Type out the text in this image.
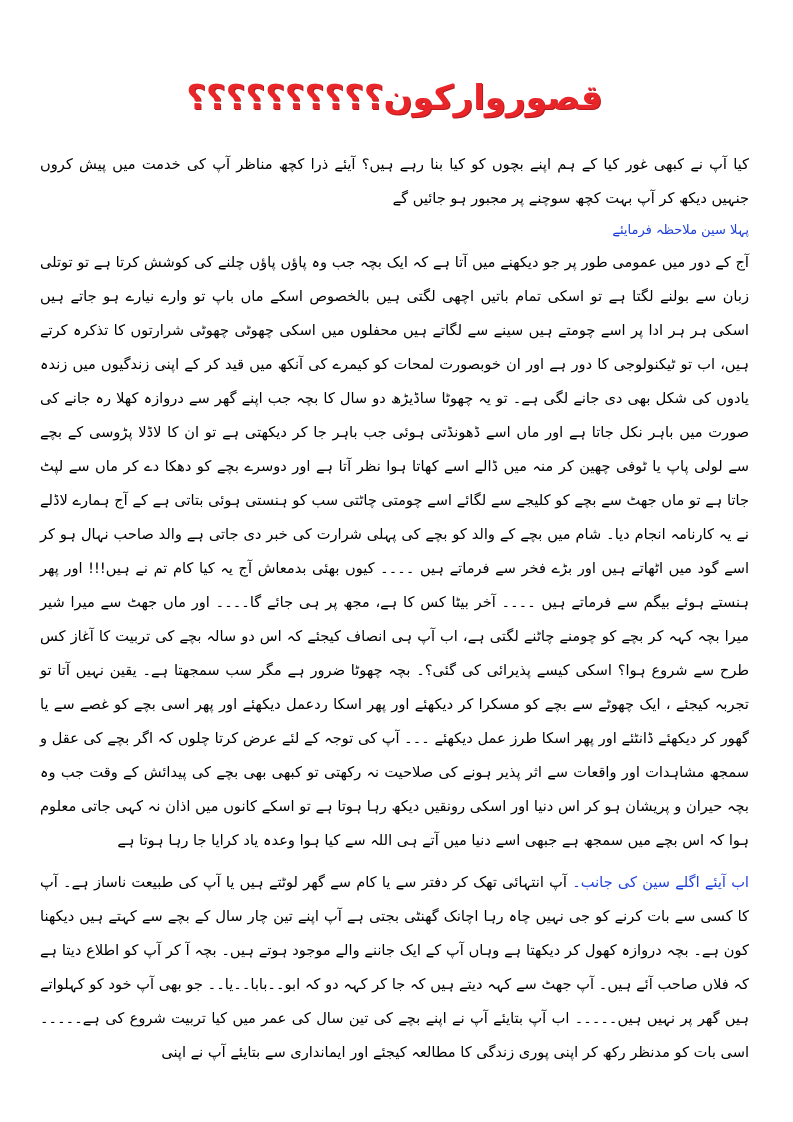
قصوروارکون؟؟؟؟؟؟؟؟؟؟

کیا آپ نے کبھی غور کیا کے ہم اپنے بچوں کو کیا بنا رہے ہیں؟ آیئے ذرا کچھ مناظر آپ کی خدمت میں پیش کروں جنہیں دیکھ کر آپ بہت کچھ سوچنے پر مجبور ہو جائیں گے

پہلا سین ملاحظہ فرمایئے

آج کے دور میں عمومی طور پر جو دیکھنے میں آتا ہے کہ ایک بچہ جب وہ پاؤں پاؤں چلنے کی کوشش کرتا ہے تو توتلی زبان سے بولنے لگتا ہے تو اسکی تمام باتیں اچھی لگتی ہیں بالخصوص اسکے ماں باپ تو وارے نیارے ہو جاتے ہیں اسکی ہر ہر ادا پر اسے چومتے ہیں سینے سے لگاتے ہیں محفلوں میں اسکی چھوٹی چھوٹی شرارتوں کا تذکرہ کرتے ہیں، اب تو ٹیکنولوجی کا دور ہے اور ان خوبصورت لمحات کو کیمرے کی آنکھ میں قید کر کے اپنی زندگیوں میں زندہ یادوں کی شکل بھی دی جانے لگی ہے۔ تو یہ چھوٹا ساڈیڑھ دو سال کا بچہ جب اپنے گھر سے دروازہ کھلا رہ جانے کی صورت میں باہر نکل جاتا ہے اور ماں اسے ڈھونڈتی ہوئی جب باہر جا کر دیکھتی ہے تو ان کا لاڈلا پڑوسی کے بچے سے لولی پاپ یا ٹوفی چھین کر منہ میں ڈالے اسے کھاتا ہوا نظر آتا ہے اور دوسرے بچے کو دھکا دے کر ماں سے لپٹ جاتا ہے تو ماں جھٹ سے بچے کو کلیجے سے لگائے اسے چومتی چاٹتی سب کو ہنستی ہوئی بتاتی ہے کے آج ہمارے لاڈلے نے یہ کارنامہ انجام دیا۔ شام میں بچے کے والد کو بچے کی پہلی شرارت کی خبر دی جاتی ہے والد صاحب نہال ہو کر اسے گود میں اٹھاتے ہیں اور بڑے فخر سے فرماتے ہیں ۔۔۔۔ کیوں بھئی بدمعاش آج یہ کیا کام تم نے ہیں!!! اور پھر ہنستے ہوئے بیگم سے فرماتے ہیں ۔۔۔۔ آخر بیٹا کس کا ہے، مجھ پر ہی جائے گا۔۔۔۔ اور ماں جھٹ سے میرا شیر میرا بچہ کہہ کر بچے کو چومنے چاٹنے لگتی ہے، اب آپ ہی انصاف کیجئے کہ اس دو سالہ بچے کی تربیت کا آغاز کس طرح سے شروع ہوا؟ اسکی کیسے پذیرائی کی گئی؟۔ بچہ چھوٹا ضرور ہے مگر سب سمجھتا ہے۔ یقین نہیں آتا تو تجربہ کیجئے ، ایک چھوٹے سے بچے کو مسکرا کر دیکھئے اور پھر اسکا ردعمل دیکھئے اور پھر اسی بچے کو غصے سے یا گھور کر دیکھئے ڈانٹئے اور پھر اسکا طرز عمل دیکھئے ۔۔۔ آپ کی توجہ کے لئے عرض کرتا چلوں کہ اگر بچے کی عقل و سمجھ مشاہدات اور واقعات سے اثر پذیر ہونے کی صلاحیت نہ رکھتی تو کبھی بھی بچے کی پیدائش کے وقت جب وہ بچہ حیران و پریشان ہو کر اس دنیا اور اسکی رونقیں دیکھ رہا ہوتا ہے تو اسکے کانوں میں اذان نہ کہی جاتی معلوم ہوا کہ اس بچے میں سمجھ ہے جبھی اسے دنیا میں آتے ہی اللہ سے کیا ہوا وعدہ یاد کرایا جا رہا ہوتا ہے

اب آیئے اگلے سین کی جانب۔ آپ انتہائی تھک کر دفتر سے یا کام سے گھر لوٹتے ہیں یا آپ کی طبیعت ناساز ہے۔ آپ کا کسی سے بات کرنے کو جی نہیں چاہ رہا اچانک گھنٹی بجتی ہے آپ اپنے تین چار سال کے بچے سے کہتے ہیں دیکھنا کون ہے۔ بچہ دروازہ کھول کر دیکھتا ہے وہاں آپ کے ایک جاننے والے موجود ہوتے ہیں۔ بچہ آ کر آپ کو اطلاع دیتا ہے کہ فلاں صاحب آئے ہیں۔ آپ جھٹ سے کہہ دیتے ہیں کہ جا کر کہہ دو کہ ابو۔۔بابا۔۔یا۔۔ جو بھی آپ خود کو کہلواتے ہیں گھر پر نہیں ہیں۔۔۔۔۔ اب آپ بتایئے آپ نے اپنے بچے کی تین سال کی عمر میں کیا تربیت شروع کی ہے۔۔۔۔۔ اسی بات کو مدنظر رکھ کر اپنی پوری زندگی کا مطالعہ کیجئے اور ایمانداری سے بتایئے آپ نے اپنی
